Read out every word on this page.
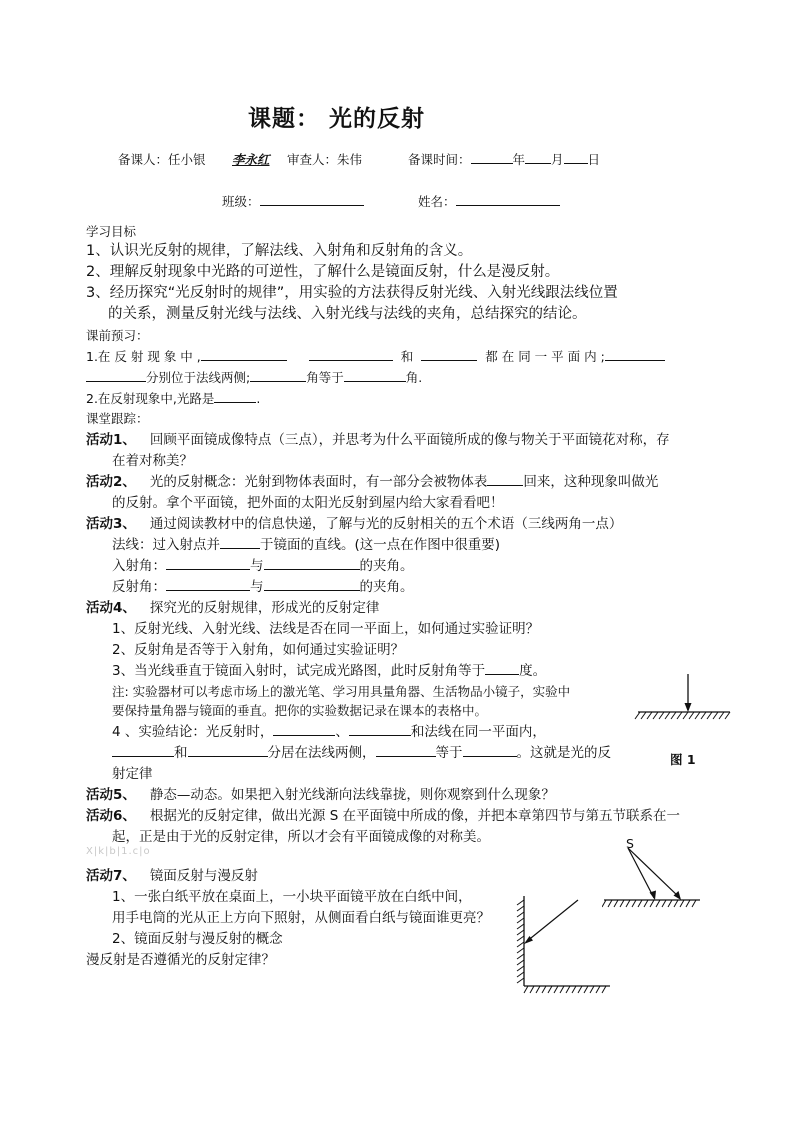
课题： 光的反射
备课人：任小银 李永红 审查人：朱伟	备课时间：	年 月 日
班级：	姓名：
学习目标
1、认识光反射的规律，了解法线、入射角和反射角的含义。
2、理解反射现象中光路的可逆性，了解什么是镜面反射，什么是漫反射。
3、经历探究“光反射时的规律”，用实验的方法获得反射光线、入射光线跟法线位置
的关系，测量反射光线与法线、入射光线与法线的夹角，总结探究的结论。
课前预习：
1.在 反 射 现 象 中 ,	和	都 在 同 一 平 面 内 ;
分别位于法线两侧;	角等于	角.
2.在反射现象中,光路是	.
课堂跟踪：
活动1、 回顾平面镜成像特点（三点），并思考为什么平面镜所成的像与物关于平面镜花对称，存
在着对称美？
活动2、 光的反射概念：光射到物体表面时，有一部分会被物体表	回来，这种现象叫做光
的反射。拿个平面镜，把外面的太阳光反射到屋内给大家看看吧！
活动3、 通过阅读教材中的信息快递，了解与光的反射相关的五个术语（三线两角一点）
法线：过入射点并	于镜面的直线。(这一点在作图中很重要)
入射角：	与	的夹角。
反射角：	与	的夹角。
活动4、 探究光的反射规律，形成光的反射定律
1、反射光线、入射光线、法线是否在同一平面上，如何通过实验证明？
2、反射角是否等于入射角，如何通过实验证明？
3、当光线垂直于镜面入射时，试完成光路图，此时反射角等于	度。
注: 实验器材可以考虑市场上的激光笔、学习用具量角器、生活物品小镜子，实验中
要保持量角器与镜面的垂直。把你的实验数据记录在课本的表格中。
4 、实验结论：光反射时，	、	和法线在同一平面内，
和	分居在法线两侧，	等于	。这就是光的反
射定律
图 1
活动5、 静态—动态。如果把入射光线渐向法线靠拢，则你观察到什么现象？
活动6、 根据光的反射定律，做出光源 S 在平面镜中所成的像，并把本章第四节与第五节联系在一
起，正是由于光的反射定律，所以才会有平面镜成像的对称美。
X|k|b|1.c|o
S
活动7、 镜面反射与漫反射
1、一张白纸平放在桌面上，一小块平面镜平放在白纸中间，
用手电筒的光从正上方向下照射，从侧面看白纸与镜面谁更亮？
2、镜面反射与漫反射的概念
漫反射是否遵循光的反射定律？
